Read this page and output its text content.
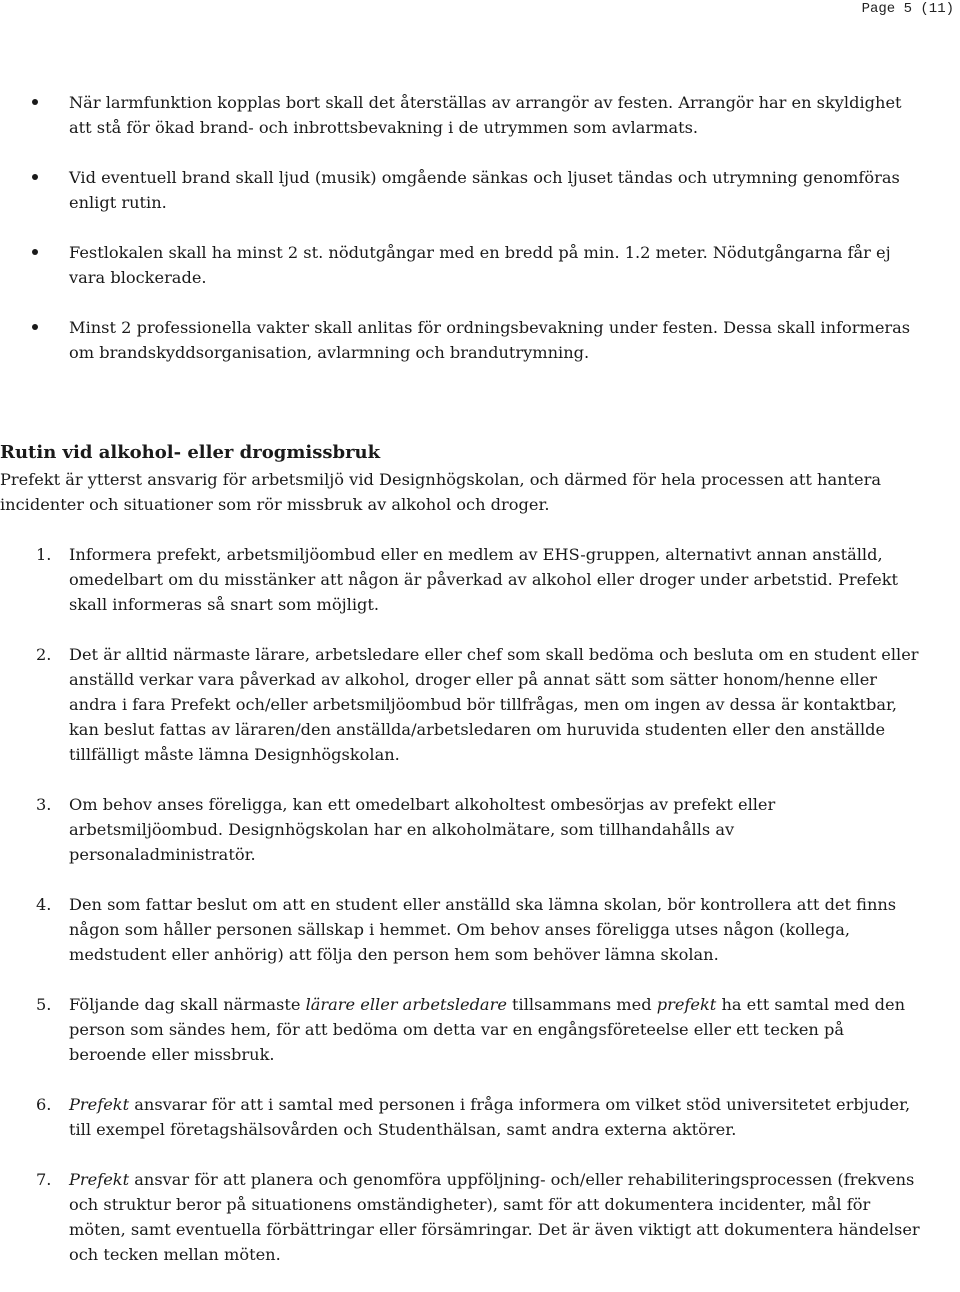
Page 5 (11)
När larmfunktion kopplas bort skall det återställas av arrangör av festen. Arrangör har en skyldighet att stå för ökad brand- och inbrottsbevakning i de utrymmen som avlarmats.
Vid eventuell brand skall ljud (musik) omgående sänkas och ljuset tändas och utrymning genomföras enligt rutin.
Festlokalen skall ha minst 2 st. nödutgångar med en bredd på min. 1.2 meter. Nödutgångarna får ej vara blockerade.
Minst 2 professionella vakter skall anlitas för ordningsbevakning under festen. Dessa skall informeras om brandskyddsorganisation, avlarmning och brandutrymning.
Rutin vid alkohol- eller drogmissbruk

Prefekt är ytterst ansvarig för arbetsmiljö vid Designhögskolan, och därmed för hela processen att hantera incidenter och situationer som rör missbruk av alkohol och droger.

1. Informera prefekt, arbetsmiljöombud eller en medlem av EHS-gruppen, alternativt annan anställd, omedelbart om du misstänker att någon är påverkad av alkohol eller droger under arbetstid. Prefekt skall informeras så snart som möjligt.
2. Det är alltid närmaste lärare, arbetsledare eller chef som skall bedöma och besluta om en student eller anställd verkar vara påverkad av alkohol, droger eller på annat sätt som sätter honom/henne eller andra i fara Prefekt och/eller arbetsmiljöombud bör tillfrågas, men om ingen av dessa är kontaktbar, kan beslut fattas av läraren/den anställda/arbetsledaren om huruvida studenten eller den anställde tillfälligt måste lämna Designhögskolan.
3. Om behov anses föreligga, kan ett omedelbart alkoholtest ombesörjas av prefekt eller arbetsmiljöombud. Designhögskolan har en alkoholmätare, som tillhandahålls av personaladministratör.
4. Den som fattar beslut om att en student eller anställd ska lämna skolan, bör kontrollera att det finns någon som håller personen sällskap i hemmet. Om behov anses föreligga utses någon (kollega, medstudent eller anhörig) att följa den person hem som behöver lämna skolan.
5. Följande dag skall närmaste lärare eller arbetsledare tillsammans med prefekt ha ett samtal med den person som sändes hem, för att bedöma om detta var en engångsföreteelse eller ett tecken på beroende eller missbruk.
6. Prefekt ansvarar för att i samtal med personen i fråga informera om vilket stöd universitetet erbjuder, till exempel företagshälsovården och Studenthälsan, samt andra externa aktörer.
7. Prefekt ansvar för att planera och genomföra uppföljning- och/eller rehabiliteringsprocessen (frekvens och struktur beror på situationens omständigheter), samt för att dokumentera incidenter, mål för möten, samt eventuella förbättringar eller försämringar. Det är även viktigt att dokumentera händelser och tecken mellan möten.
